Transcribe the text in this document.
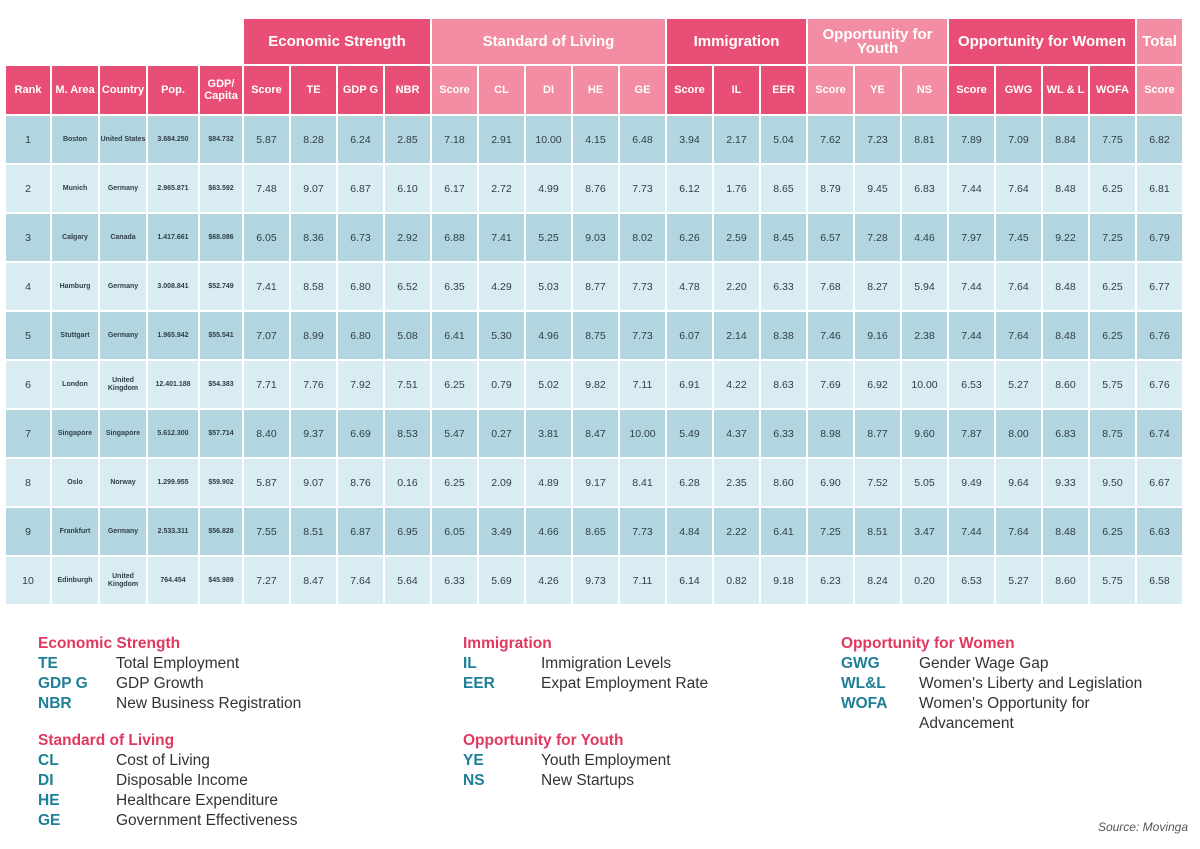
					Economic Strength				Standard of Living					Immigration			Opportunity for Youth			Opportunity for Women				Total
Rank	M. Area	Country	Pop.	GDP/ Capita	Score	TE	GDP G	NBR	Score	CL	DI	HE	GE	Score	IL	EER	Score	YE	NS	Score	GWG	WL & L	WOFA	Score
1	Boston	United States	3.684.250	$84.732	5.87	8.28	6.24	2.85	7.18	2.91	10.00	4.15	6.48	3.94	2.17	5.04	7.62	7.23	8.81	7.89	7.09	8.84	7.75	6.82
2	Munich	Germany	2.965.871	$63.592	7.48	9.07	6.87	6.10	6.17	2.72	4.99	8.76	7.73	6.12	1.76	8.65	8.79	9.45	6.83	7.44	7.64	8.48	6.25	6.81
3	Calgary	Canada	1.417.661	$68.086	6.05	8.36	6.73	2.92	6.88	7.41	5.25	9.03	8.02	6.26	2.59	8.45	6.57	7.28	4.46	7.97	7.45	9.22	7.25	6.79
4	Hamburg	Germany	3.008.841	$52.749	7.41	8.58	6.80	6.52	6.35	4.29	5.03	8.77	7.73	4.78	2.20	6.33	7.68	8.27	5.94	7.44	7.64	8.48	6.25	6.77
5	Stuttgart	Germany	1.965.942	$55.541	7.07	8.99	6.80	5.08	6.41	5.30	4.96	8.75	7.73	6.07	2.14	8.38	7.46	9.16	2.38	7.44	7.64	8.48	6.25	6.76
6	London	United Kingdom	12.401.188	$54.383	7.71	7.76	7.92	7.51	6.25	0.79	5.02	9.82	7.11	6.91	4.22	8.63	7.69	6.92	10.00	6.53	5.27	8.60	5.75	6.76
7	Singapore	Singapore	5.612.300	$57.714	8.40	9.37	6.69	8.53	5.47	0.27	3.81	8.47	10.00	5.49	4.37	6.33	8.98	8.77	9.60	7.87	8.00	6.83	8.75	6.74
8	Oslo	Norway	1.299.955	$59.902	5.87	9.07	8.76	0.16	6.25	2.09	4.89	9.17	8.41	6.28	2.35	8.60	6.90	7.52	5.05	9.49	9.64	9.33	9.50	6.67
9	Frankfurt	Germany	2.533.311	$56.828	7.55	8.51	6.87	6.95	6.05	3.49	4.66	8.65	7.73	4.84	2.22	6.41	7.25	8.51	3.47	7.44	7.64	8.48	6.25	6.63
10	Edinburgh	United Kingdom	764.454	$45.989	7.27	8.47	7.64	5.64	6.33	5.69	4.26	9.73	7.11	6.14	0.82	9.18	6.23	8.24	0.20	6.53	5.27	8.60	5.75	6.58
Economic Strength
TE	Total Employment
GDP G	GDP Growth
NBR	New Business Registration
Standard of Living
CL	Cost of Living
DI	Disposable Income
HE	Healthcare Expenditure
GE	Government Effectiveness
Immigration
IL	Immigration Levels
EER	Expat Employment Rate
Opportunity for Youth
YE	Youth Employment
NS	New Startups
Opportunity for Women
GWG	Gender Wage Gap
WL&L	Women's Liberty and Legislation
WOFA	Women's Opportunity for Advancement
Source: Movinga
